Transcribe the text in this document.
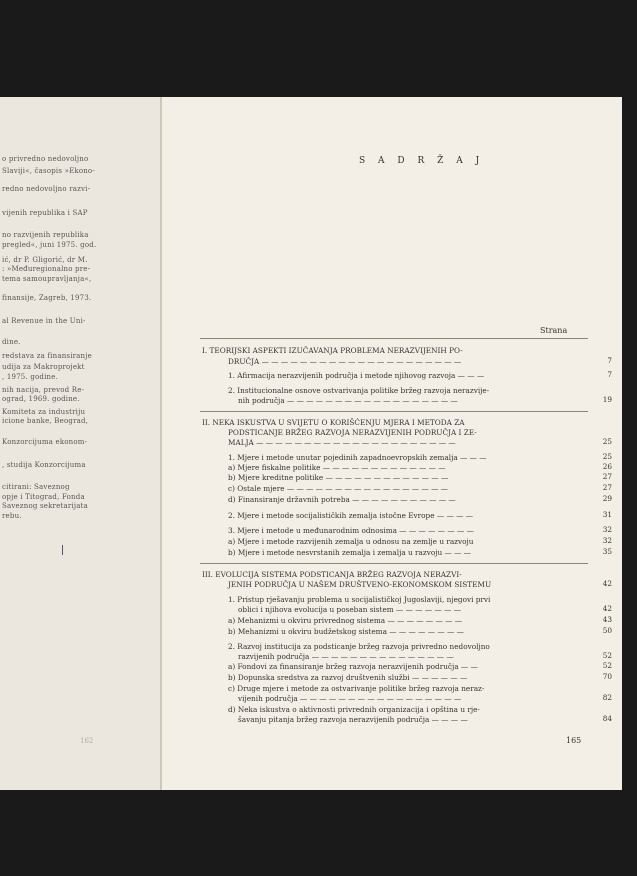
o privredno nedovoljno
Slaviji«, časopis »Ekono-
redno nedovoljno razvi-
vijenih republika i SAP
no razvijenih republika
pregled«, juni 1975. god.
ić, dr P. Gligorić, dr M.
: »Međuregionalno pre-
tema samoupravljanja«,
finansije, Zagreb, 1973.
al Revenue in the Uni-
dine.
redstava za finansiranje
udija za Makroprojekt
, 1975. godine.
nih nacija, prevod Re-
ograd, 1969. godine.
Komiteta za industriju
icione banke, Beograd,
Konzorcijuma ekonom-
, studija Konzorcijuma
citirani: Saveznog
opje i Titograd, Fonda
Saveznog sekretarijata
rebu.
162
S A D R Ž A J
Strana
I. TEORIJSKI ASPEKTI IZUČAVANJA PROBLEMA NERAZVIJENIH PO-
DRUČJA — — — — — — — — — — — — — — — — — — — — —	7
1. Afirmacija nerazvijenih područja i metode njihovog razvoja — — —	7
2. Institucionalne osnove ostvarivanja politike bržeg razvoja nerazvije-
nih područja — — — — — — — — — — — — — — — — — —	19
II. NEKA ISKUSTVA U SVIJETU O KORIŠĆENJU MJERA I METODA ZA
PODSTICANJE BRŽEG RAZVOJA NERAZVIJENIH PODRUČJA I ZE-
MALJA — — — — — — — — — — — — — — — — — — — — —	25
1. Mjere i metode unutar pojedinih zapadnoevropskih zemalja — — —	25
a) Mjere fiskalne politike — — — — — — — — — — — — —	26
b) Mjere kreditne politike — — — — — — — — — — — — —	27
c) Ostale mjere — — — — — — — — — — — — — — — — —	27
d) Finansiranje državnih potreba — — — — — — — — — — —	29
2. Mjere i metode socijalističkih zemalja istočne Evrope — — — —	31
3. Mjere i metode u međunarodnim odnosima — — — — — — — —	32
a) Mjere i metode razvijenih zemalja u odnosu na zemlje u razvoju	32
b) Mjere i metode nesvrstanih zemalja i zemalja u razvoju — — —	35
III. EVOLUCIJA SISTEMA PODSTICANJA BRŽEG RAZVOJA NERAZVI-
JENIH PODRUČJA U NAŠEM DRUŠTVENO-EKONOMSKOM SISTEMU	42
1. Pristup rješavanju problema u socijalističkoj Jugoslaviji, njegovi prvi
oblici i njihova evolucija u poseban sistem — — — — — — —	42
a) Mehanizmi u okviru privrednog sistema — — — — — — — —	43
b) Mehanizmi u okviru budžetskog sistema — — — — — — — —	50
2. Razvoj institucija za podsticanje bržeg razvoja privredno nedovoljno
razvijenih područja — — — — — — — — — — — — — — —	52
a) Fondovi za finansiranje bržeg razvoja nerazvijenih područja — —	52
b) Dopunska sredstva za razvoj društvenih službi — — — — — —	70
c) Druge mjere i metode za ostvarivanje politike bržeg razvoja neraz-
vijenih područja — — — — — — — — — — — — — — — — —	82
d) Neka iskustva o aktivnosti privrednih organizacija i opština u rje-
šavanju pitanja bržeg razvoja nerazvijenih područja — — — —	84
165
